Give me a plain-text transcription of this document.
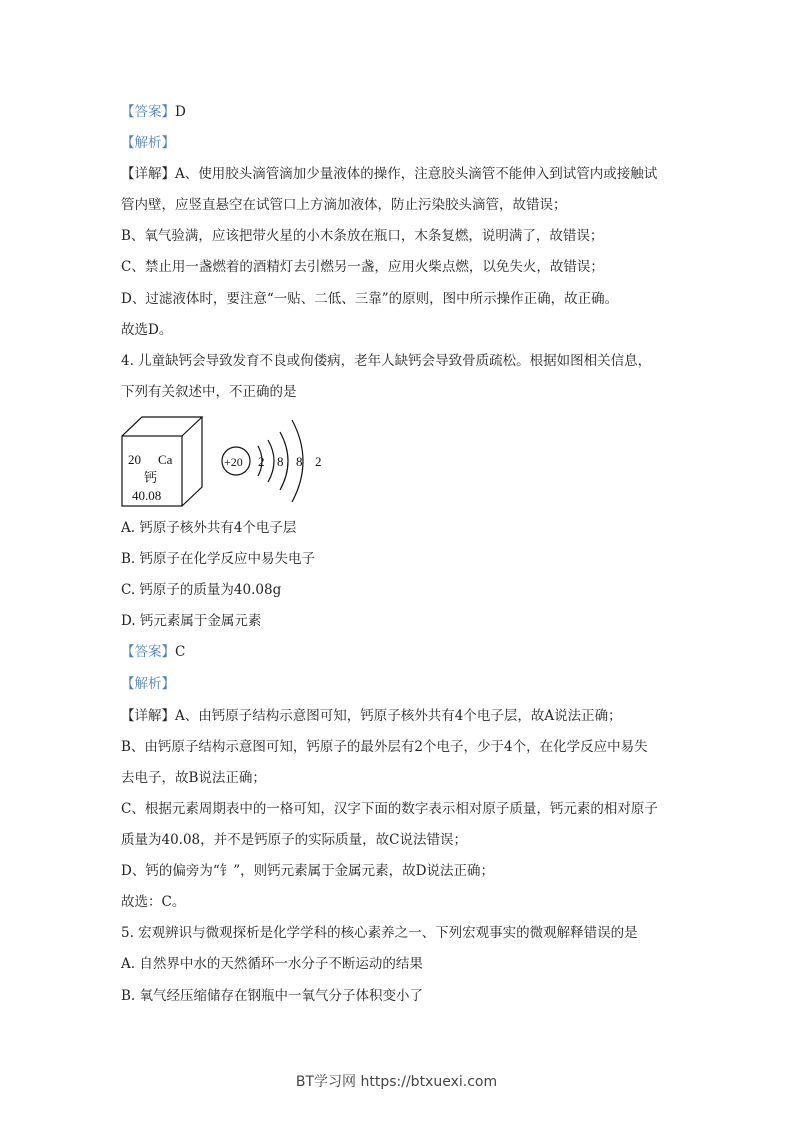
【答案】D
【解析】
【详解】A、使用胶头滴管滴加少量液体的操作，注意胶头滴管不能伸入到试管内或接触试
管内壁，应竖直悬空在试管口上方滴加液体，防止污染胶头滴管，故错误；
B、氧气验满，应该把带火星的小木条放在瓶口，木条复燃，说明满了，故错误；
C、禁止用一盏燃着的酒精灯去引燃另一盏，应用火柴点燃，以免失火，故错误；
D、过滤液体时，要注意“一贴、二低、三靠”的原则，图中所示操作正确，故正确。
故选D。
4. 儿童缺钙会导致发育不良或佝偻病，老年人缺钙会导致骨质疏松。根据如图相关信息，
下列有关叙述中，不正确的是
20 Ca
钙
40.08
+20 2 8 8 2
A. 钙原子核外共有4个电子层
B. 钙原子在化学反应中易失电子
C. 钙原子的质量为40.08g
D. 钙元素属于金属元素
【答案】C
【解析】
【详解】A、由钙原子结构示意图可知，钙原子核外共有4个电子层，故A说法正确；
B、由钙原子结构示意图可知，钙原子的最外层有2个电子，少于4个，在化学反应中易失
去电子，故B说法正确；
C、根据元素周期表中的一格可知，汉字下面的数字表示相对原子质量，钙元素的相对原子
质量为40.08，并不是钙原子的实际质量，故C说法错误；
D、钙的偏旁为“钅”，则钙元素属于金属元素，故D说法正确；
故选：C。
5. 宏观辨识与微观探析是化学学科的核心素养之一、下列宏观事实的微观解释错误的是
A. 自然界中水的天然循环一水分子不断运动的结果
B. 氧气经压缩储存在钢瓶中一氧气分子体积变小了
BT学习网 https://btxuexi.com
